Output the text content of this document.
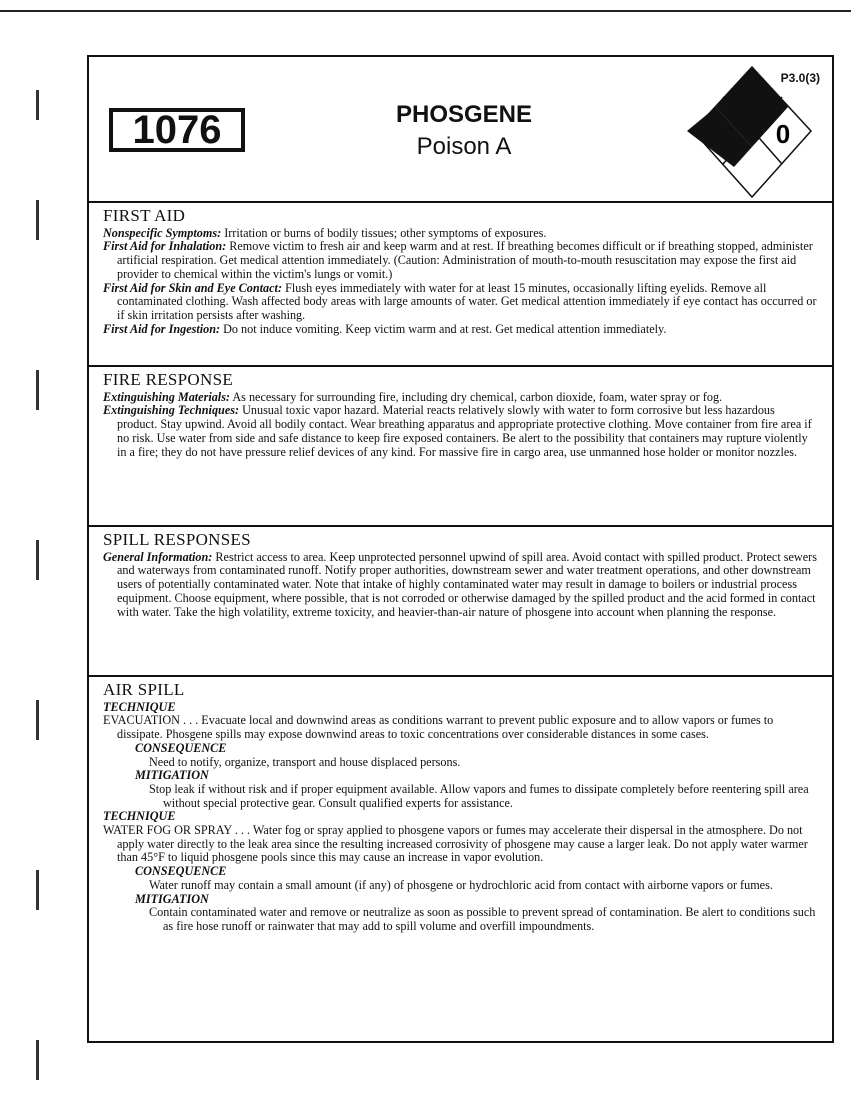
1076	PHOSGENE
Poison A	0
P3.0(3)
FIRST AID

Nonspecific Symptoms: Irritation or burns of bodily tissues; other symptoms of exposures.

First Aid for Inhalation: Remove victim to fresh air and keep warm and at rest. If breathing becomes difficult or if breathing stopped, administer artificial respiration. Get medical attention immediately. (Caution: Administration of mouth-to-mouth resuscitation may expose the first aid provider to chemical within the victim's lungs or vomit.)

First Aid for Skin and Eye Contact: Flush eyes immediately with water for at least 15 minutes, occasionally lifting eyelids. Remove all contaminated clothing. Wash affected body areas with large amounts of water. Get medical attention immediately if eye contact has occurred or if skin irritation persists after washing.

First Aid for Ingestion: Do not induce vomiting. Keep victim warm and at rest. Get medical attention immediately.

FIRE RESPONSE

Extinguishing Materials: As necessary for surrounding fire, including dry chemical, carbon dioxide, foam, water spray or fog.

Extinguishing Techniques: Unusual toxic vapor hazard. Material reacts relatively slowly with water to form corrosive but less hazardous product. Stay upwind. Avoid all bodily contact. Wear breathing apparatus and appropriate protective clothing. Move container from fire area if no risk. Use water from side and safe distance to keep fire exposed containers. Be alert to the possibility that containers may rupture violently in a fire; they do not have pressure relief devices of any kind. For massive fire in cargo area, use unmanned hose holder or monitor nozzles.

SPILL RESPONSES

General Information: Restrict access to area. Keep unprotected personnel upwind of spill area. Avoid contact with spilled product. Protect sewers and waterways from contaminated runoff. Notify proper authorities, downstream sewer and water treatment operations, and other downstream users of potentially contaminated water. Note that intake of highly contaminated water may result in damage to boilers or industrial process equipment. Choose equipment, where possible, that is not corroded or otherwise damaged by the spilled product and the acid formed in contact with water. Take the high volatility, extreme toxicity, and heavier-than-air nature of phosgene into account when planning the response.

AIR SPILL

TECHNIQUE

EVACUATION . . . Evacuate local and downwind areas as conditions warrant to prevent public exposure and to allow vapors or fumes to dissipate. Phosgene spills may expose downwind areas to toxic concentrations over considerable distances in some cases.

CONSEQUENCE

Need to notify, organize, transport and house displaced persons.

MITIGATION

Stop leak if without risk and if proper equipment available. Allow vapors and fumes to dissipate completely before reentering spill area without special protective gear. Consult qualified experts for assistance.

TECHNIQUE

WATER FOG OR SPRAY . . . Water fog or spray applied to phosgene vapors or fumes may accelerate their dispersal in the atmosphere. Do not apply water directly to the leak area since the resulting increased corrosivity of phosgene may cause a larger leak. Do not apply water warmer than 45°F to liquid phosgene pools since this may cause an increase in vapor evolution.

CONSEQUENCE

Water runoff may contain a small amount (if any) of phosgene or hydrochloric acid from contact with airborne vapors or fumes.

MITIGATION

Contain contaminated water and remove or neutralize as soon as possible to prevent spread of contamination. Be alert to conditions such as fire hose runoff or rainwater that may add to spill volume and overfill impoundments.
